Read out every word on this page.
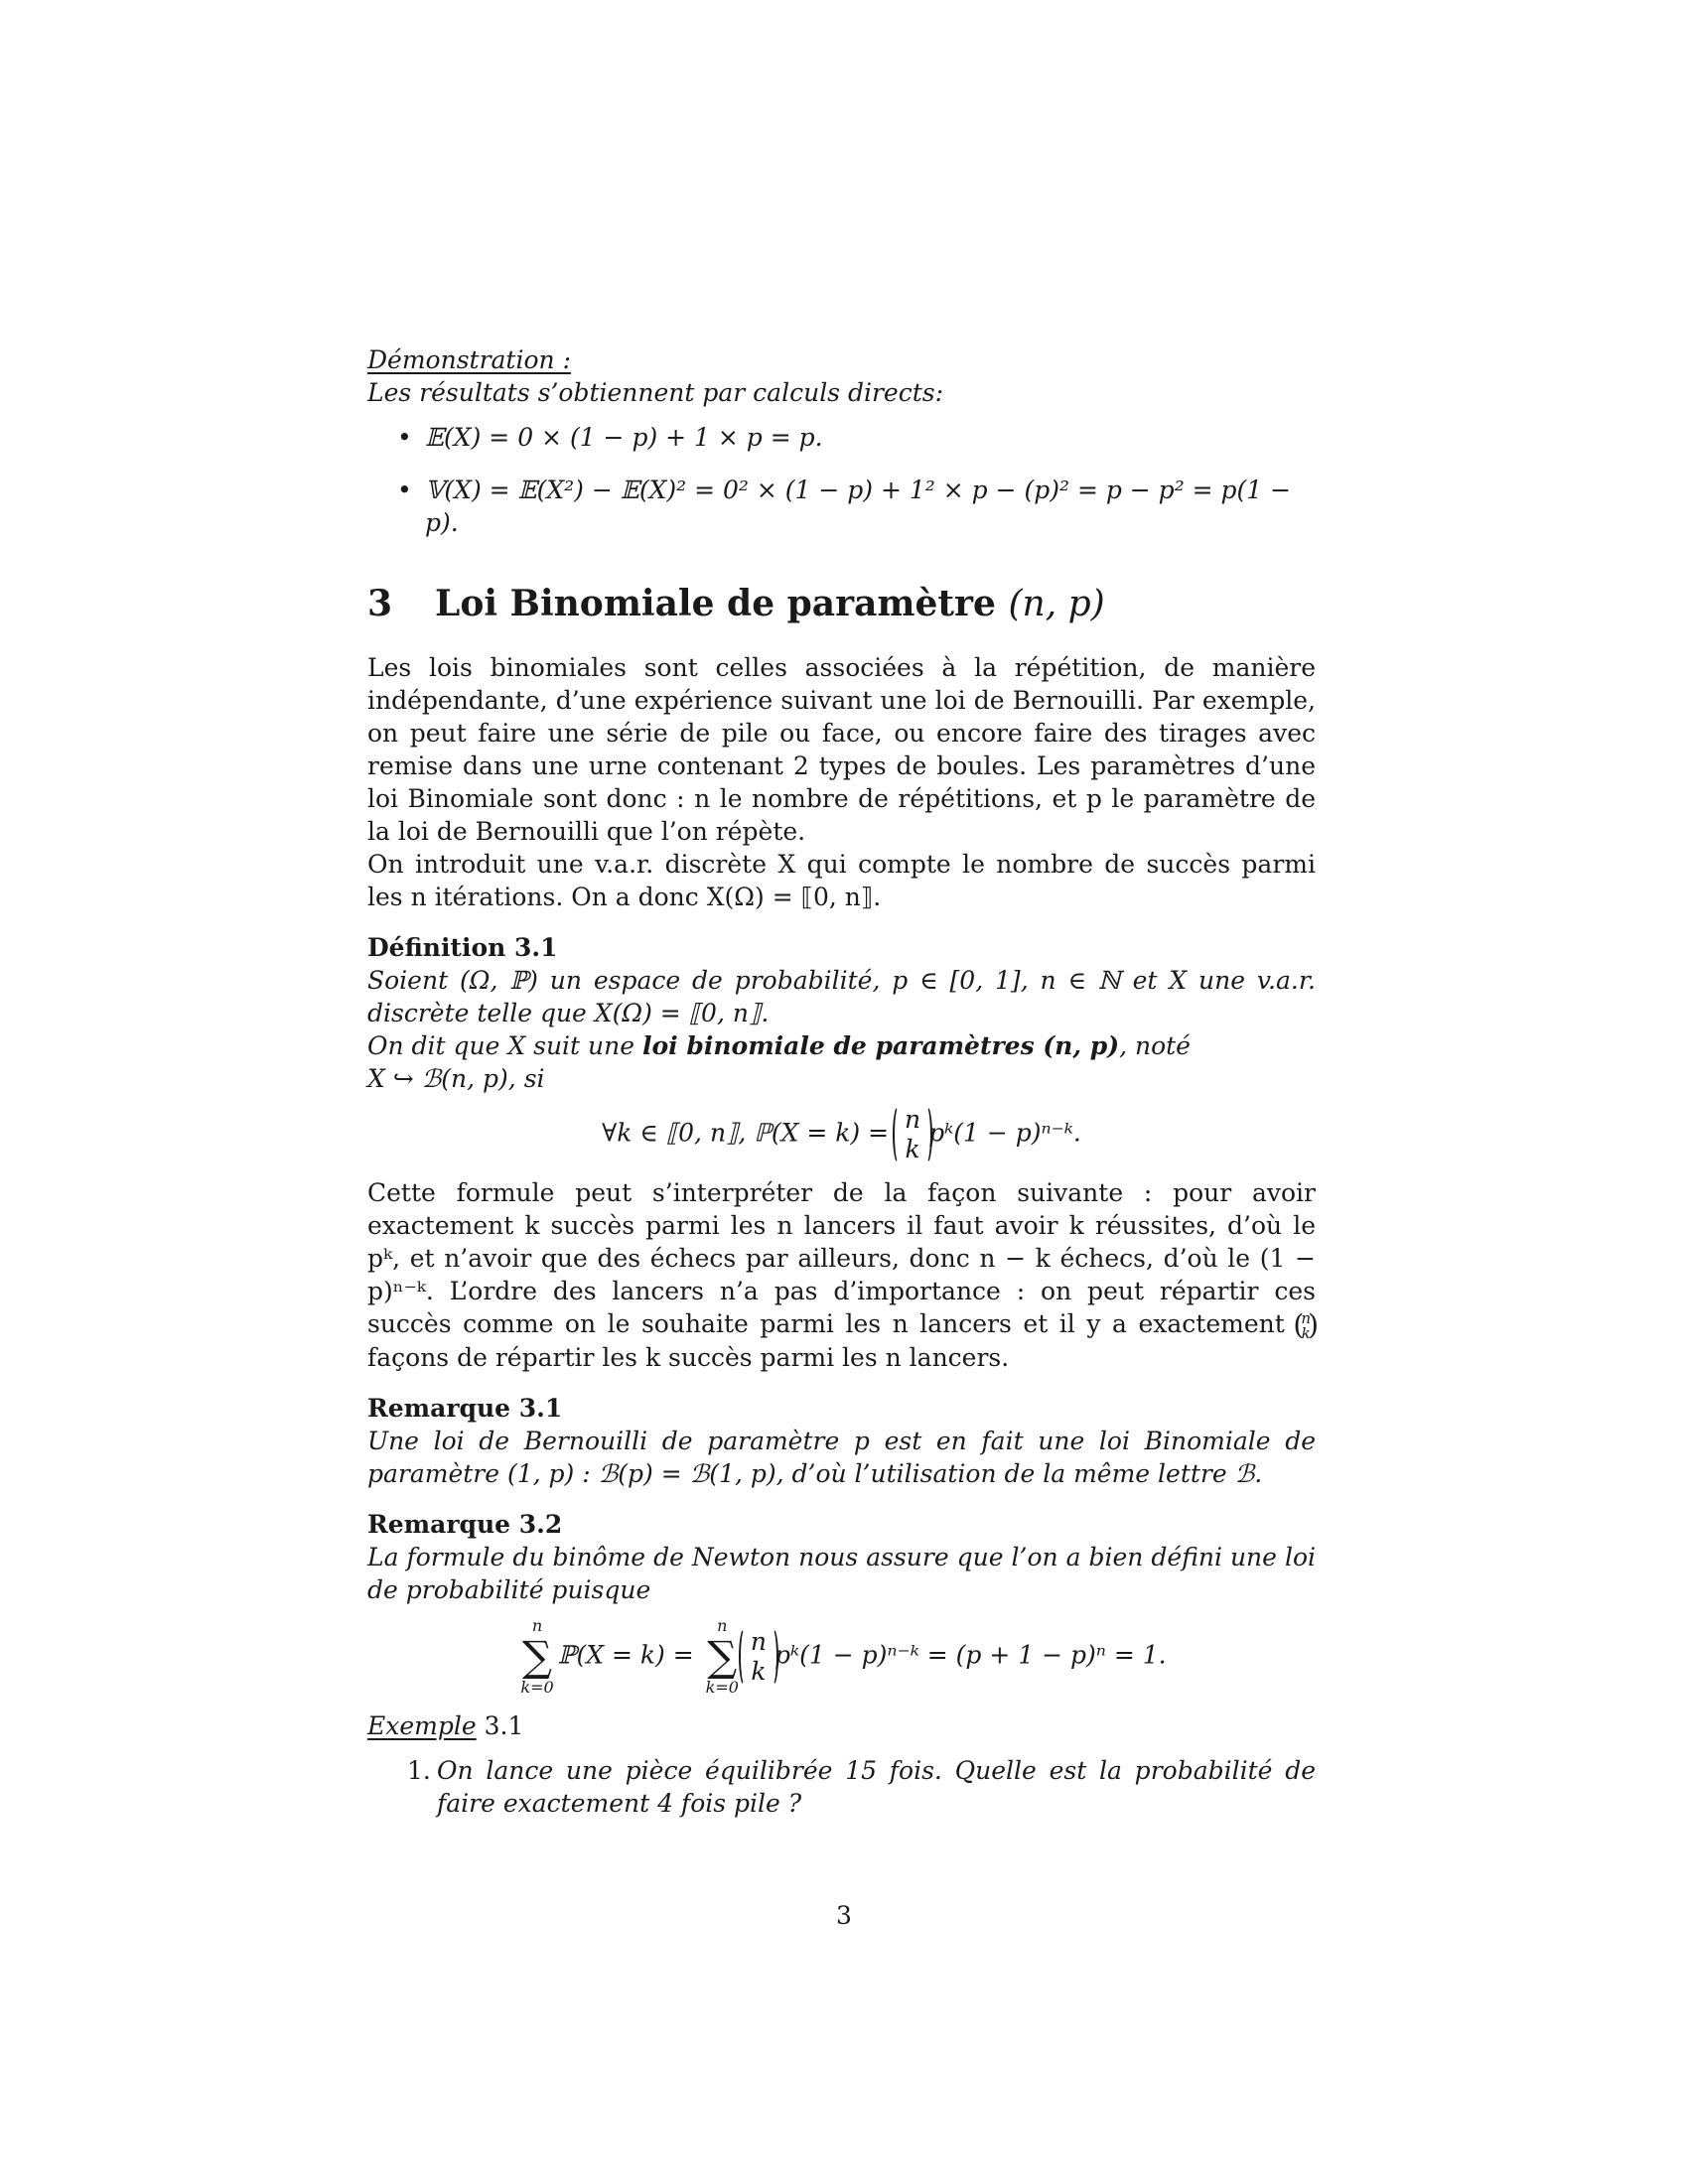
Démonstration :

Les résultats s’obtiennent par calculs directs:

• 𝔼(X) = 0 × (1 − p) + 1 × p = p.
• 𝕍(X) = 𝔼(X²) − 𝔼(X)² = 0² × (1 − p) + 1² × p − (p)² = p − p² = p(1 − p).
3	Loi Binomiale de paramètre (n, p)

Les lois binomiales sont celles associées à la répétition, de manière indépendante, d’une expérience suivant une loi de Bernouilli. Par exemple, on peut faire une série de pile ou face, ou encore faire des tirages avec remise dans une urne contenant 2 types de boules. Les paramètres d’une loi Binomiale sont donc : n le nombre de répétitions, et p le paramètre de la loi de Bernouilli que l’on répète.

On introduit une v.a.r. discrète X qui compte le nombre de succès parmi les n itérations. On a donc X(Ω) = ⟦0, n⟧.

Définition 3.1

Soient (Ω, ℙ) un espace de probabilité, p ∈ [0, 1], n ∈ ℕ et X une v.a.r. discrète telle que X(Ω) = ⟦0, n⟧.

On dit que X suit une loi binomiale de paramètres (n, p), noté

X ↪ ℬ(n, p), si

∀k ∈ ⟦0, n⟧, ℙ(X = k) = n
k
pᵏ(1 − p)ⁿ⁻ᵏ.

Cette formule peut s’interpréter de la façon suivante : pour avoir exactement k succès parmi les n lancers il faut avoir k réussites, d’où le pᵏ, et n’avoir que des échecs par ailleurs, donc n − k échecs, d’où le (1 − p)ⁿ⁻ᵏ. L’ordre des lancers n’a pas d’importance : on peut répartir ces succès comme on le souhaite parmi les n lancers et il y a exactement
( n
k
) façons de répartir les k succès parmi les n lancers.

Remarque 3.1

Une loi de Bernouilli de paramètre p est en fait une loi Binomiale de paramètre (1, p) : ℬ(p) = ℬ(1, p), d’où l’utilisation de la même lettre ℬ.

Remarque 3.2

La formule du binôme de Newton nous assure que l’on a bien défini une loi de probabilité puisque

n
∑
k=0
ℙ(X = k) =
n
∑
k=0
n
k
pᵏ(1 − p)ⁿ⁻ᵏ = (p + 1 − p)ⁿ = 1.

Exemple 3.1

1. On lance une pièce équilibrée 15 fois. Quelle est la probabilité de faire exactement 4 fois pile ?
3
